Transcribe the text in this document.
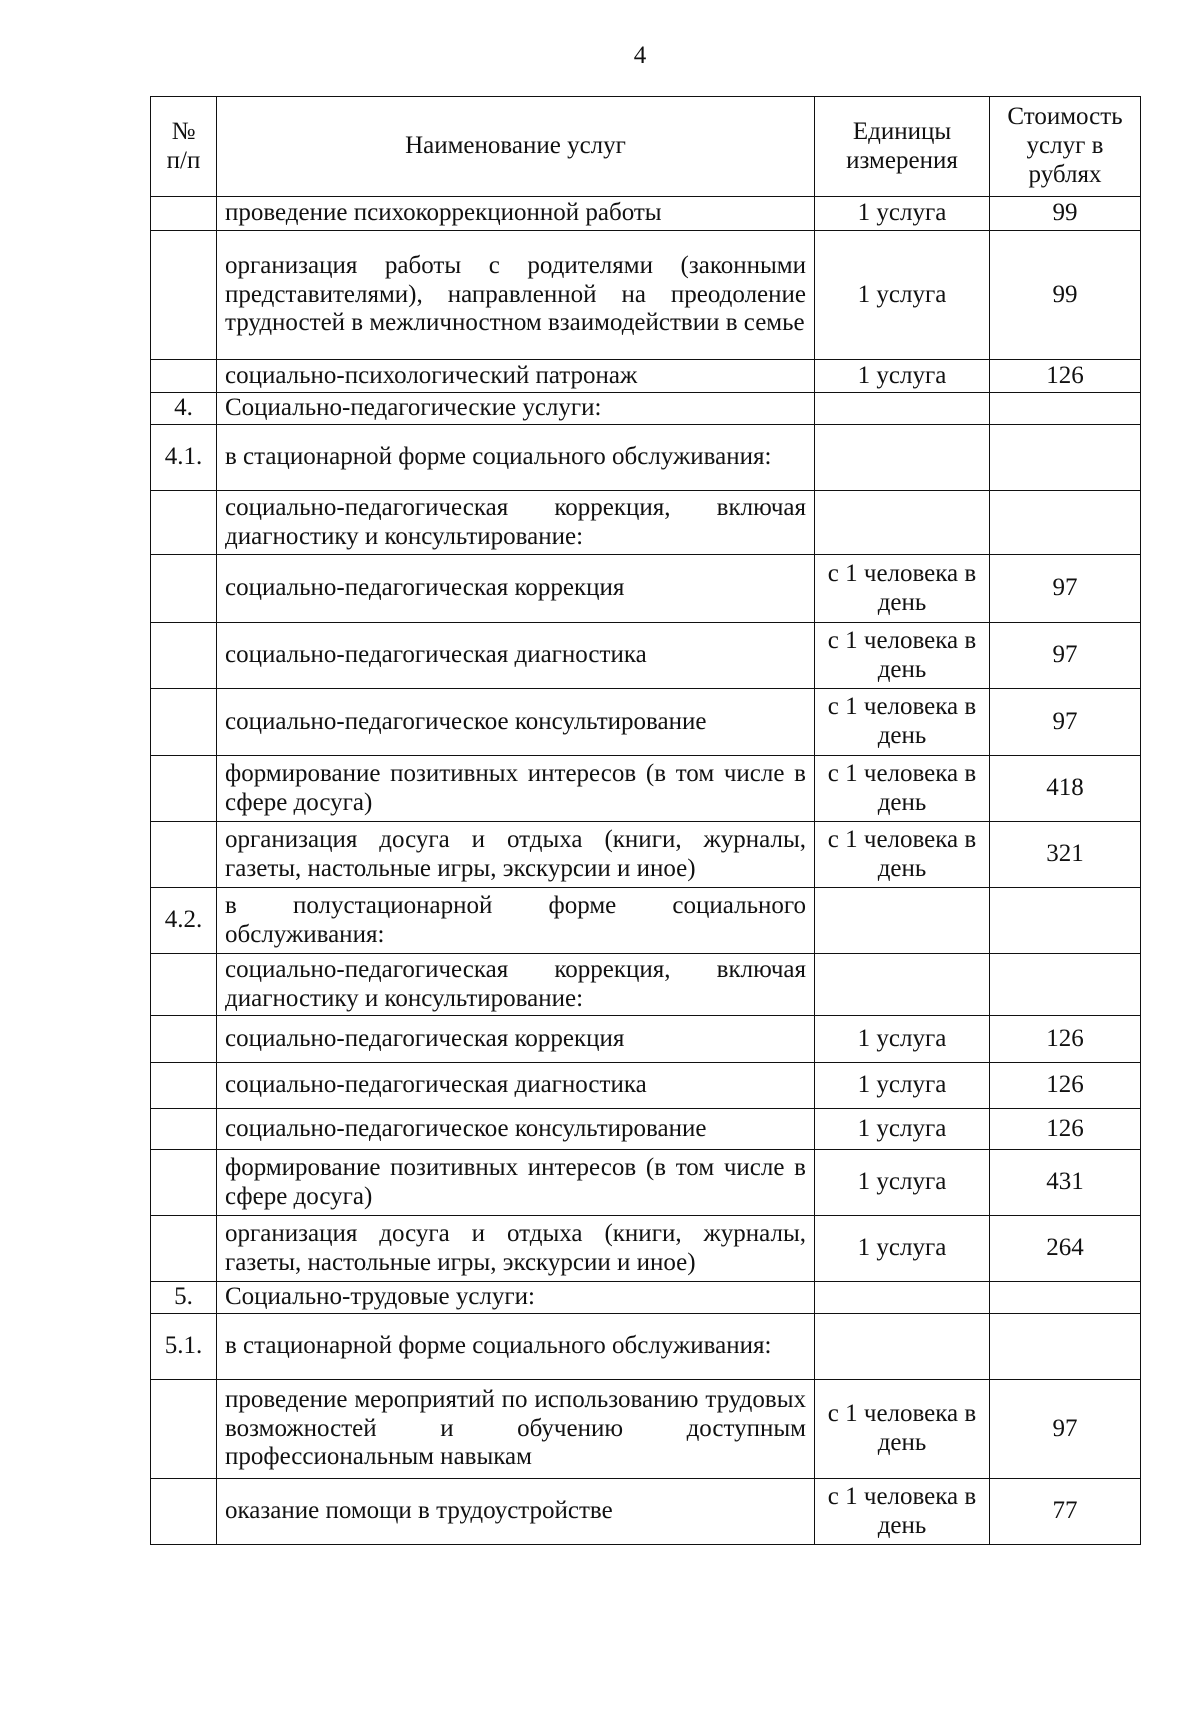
4
№ п/п	Наименование услуг	Единицы измерения	Стоимость услуг в рублях
	проведение психокоррекционной работы	1 услуга	99
	организация работы с родителями (законными представителями), направленной на преодоление трудностей в межличностном взаимодействии в семье	1 услуга	99
	социально-психологический патронаж	1 услуга	126
4.	Социально-педагогические услуги:		
4.1.	в стационарной форме социального обслуживания:		
	социально-педагогическая коррекция, включая диагностику и консультирование:		
	социально-педагогическая коррекция	с 1 человека в день	97
	социально-педагогическая диагностика	с 1 человека в день	97
	социально-педагогическое консультирование	с 1 человека в день	97
	формирование позитивных интересов (в том числе в сфере досуга)	с 1 человека в день	418
	организация досуга и отдыха (книги, журналы, газеты, настольные игры, экскурсии и иное)	с 1 человека в день	321
4.2.	в полустационарной форме социального обслуживания:		
	социально-педагогическая коррекция, включая диагностику и консультирование:		
	социально-педагогическая коррекция	1 услуга	126
	социально-педагогическая диагностика	1 услуга	126
	социально-педагогическое консультирование	1 услуга	126
	формирование позитивных интересов (в том числе в сфере досуга)	1 услуга	431
	организация досуга и отдыха (книги, журналы, газеты, настольные игры, экскурсии и иное)	1 услуга	264
5.	Социально-трудовые услуги:		
5.1.	в стационарной форме социального обслуживания:		
	проведение мероприятий по использованию трудовых возможностей и обучению доступным профессиональным навыкам	с 1 человека в день	97
	оказание помощи в трудоустройстве	с 1 человека в день	77
